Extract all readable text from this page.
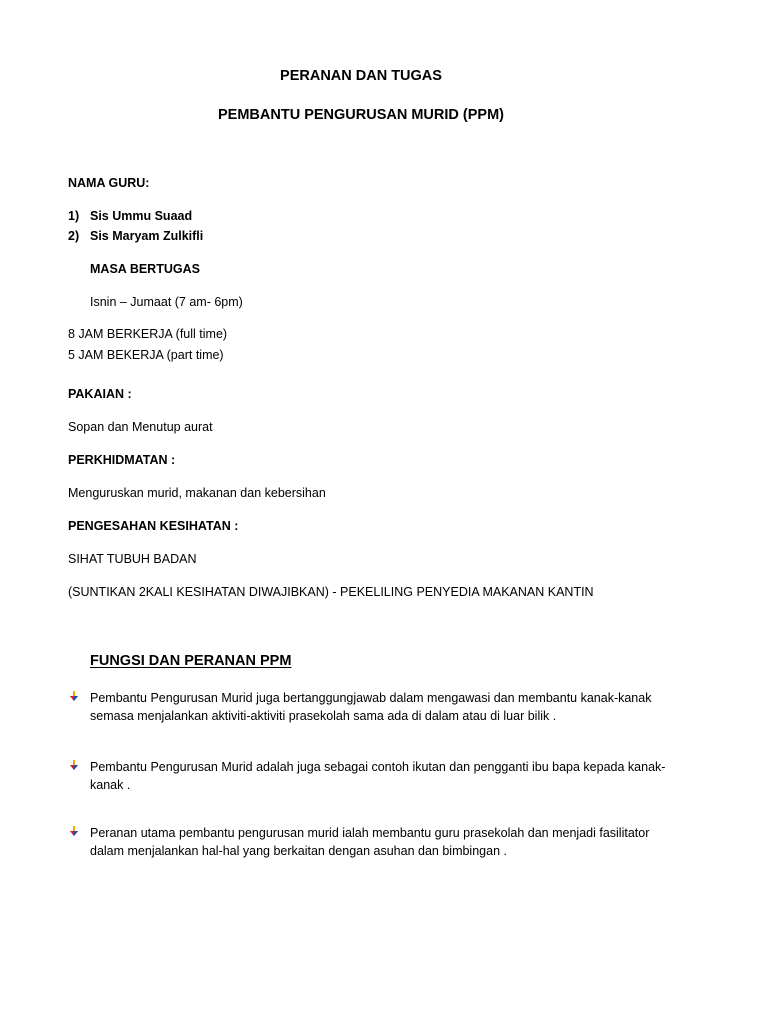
PERANAN DAN TUGAS
PEMBANTU PENGURUSAN MURID (PPM)
NAMA GURU:
1) Sis Ummu Suaad
2) Sis Maryam Zulkifli
MASA BERTUGAS
Isnin – Jumaat (7 am- 6pm)
8 JAM BERKERJA (full time)
5 JAM BEKERJA (part time)
PAKAIAN :
Sopan dan Menutup aurat
PERKHIDMATAN :
Menguruskan murid, makanan dan kebersihan
PENGESAHAN KESIHATAN :
SIHAT TUBUH BADAN
(SUNTIKAN 2KALI KESIHATAN DIWAJIBKAN) - PEKELILING PENYEDIA MAKANAN KANTIN
FUNGSI DAN PERANAN PPM
Pembantu Pengurusan Murid juga bertanggungjawab dalam mengawasi dan membantu kanak-kanak
semasa menjalankan aktiviti-aktiviti prasekolah sama ada di dalam atau di luar bilik .
Pembantu Pengurusan Murid adalah juga sebagai contoh ikutan dan pengganti ibu bapa kepada kanak-
kanak .
Peranan utama pembantu pengurusan murid ialah membantu guru prasekolah dan menjadi fasilitator
dalam menjalankan hal-hal yang berkaitan dengan asuhan dan bimbingan .
